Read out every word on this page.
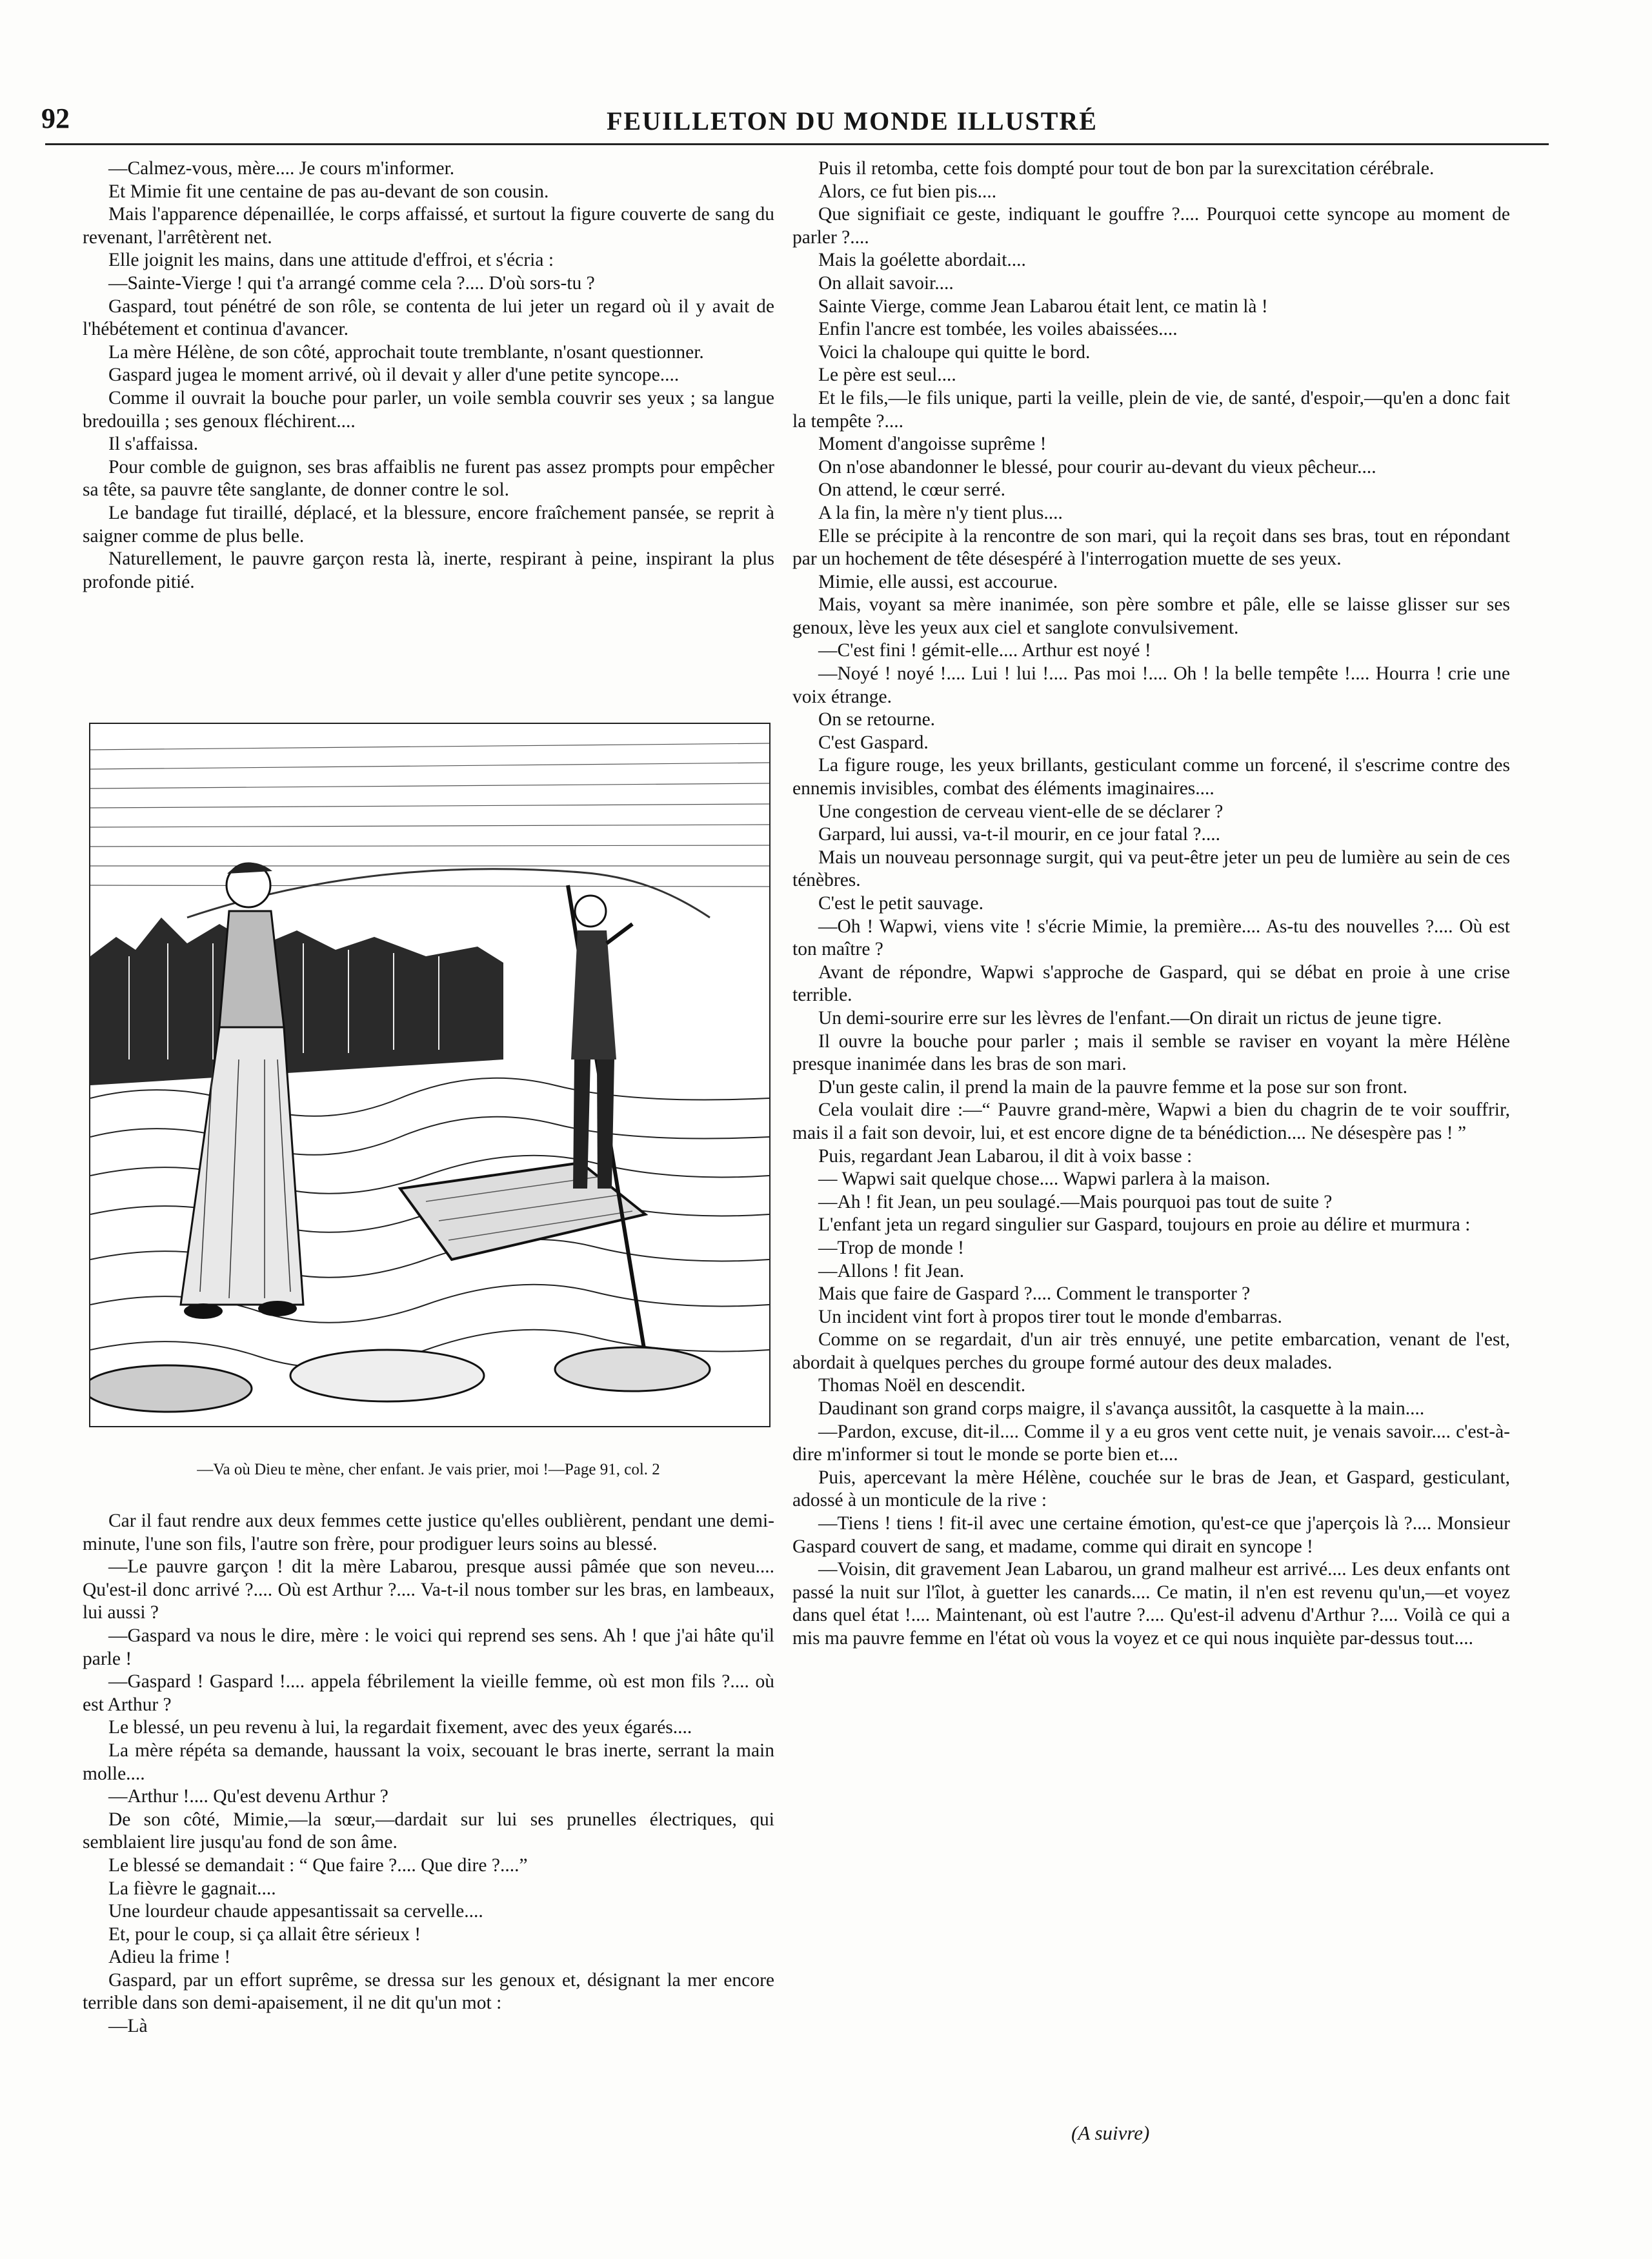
92	FEUILLETON DU MONDE ILLUSTRÉ

—Calmez-vous, mère.... Je cours m'informer.

Et Mimie fit une centaine de pas au-devant de son cousin.

Mais l'apparence dépenaillée, le corps affaissé, et surtout la figure couverte de sang du revenant, l'arrêtèrent net.

Elle joignit les mains, dans une attitude d'effroi, et s'écria :

—Sainte-Vierge ! qui t'a arrangé comme cela ?.... D'où sors-tu ?

Gaspard, tout pénétré de son rôle, se contenta de lui jeter un regard où il y avait de l'hébétement et continua d'avancer.

La mère Hélène, de son côté, approchait toute tremblante, n'osant questionner.

Gaspard jugea le moment arrivé, où il devait y aller d'une petite syncope....

Comme il ouvrait la bouche pour parler, un voile sembla couvrir ses yeux ; sa langue bredouilla ; ses genoux fléchirent....

Il s'affaissa.

Pour comble de guignon, ses bras affaiblis ne furent pas assez prompts pour empêcher sa tête, sa pauvre tête sanglante, de donner contre le sol.

Le bandage fut tiraillé, déplacé, et la blessure, encore fraîchement pansée, se reprit à saigner comme de plus belle.

Naturellement, le pauvre garçon resta là, inerte, respirant à peine, inspirant la plus profonde pitié.

—Va où Dieu te mène, cher enfant. Je vais prier, moi !—Page 91, col. 2

Car il faut rendre aux deux femmes cette justice qu'elles oublièrent, pendant une demi-minute, l'une son fils, l'autre son frère, pour prodiguer leurs soins au blessé.

—Le pauvre garçon ! dit la mère Labarou, presque aussi pâmée que son neveu.... Qu'est-il donc arrivé ?.... Où est Arthur ?.... Va-t-il nous tomber sur les bras, en lambeaux, lui aussi ?

—Gaspard va nous le dire, mère : le voici qui reprend ses sens. Ah ! que j'ai hâte qu'il parle !

—Gaspard ! Gaspard !.... appela fébrilement la vieille femme, où est mon fils ?.... où est Arthur ?

Le blessé, un peu revenu à lui, la regardait fixement, avec des yeux égarés....

La mère répéta sa demande, haussant la voix, secouant le bras inerte, serrant la main molle....

—Arthur !.... Qu'est devenu Arthur ?

De son côté, Mimie,—la sœur,—dardait sur lui ses prunelles électriques, qui semblaient lire jusqu'au fond de son âme.

Le blessé se demandait : “ Que faire ?.... Que dire ?....”

La fièvre le gagnait....

Une lourdeur chaude appesantissait sa cervelle....

Et, pour le coup, si ça allait être sérieux !

Adieu la frime !

Gaspard, par un effort suprême, se dressa sur les genoux et, désignant la mer encore terrible dans son demi-apaisement, il ne dit qu'un mot :

—Là

Puis il retomba, cette fois dompté pour tout de bon par la surexcitation cérébrale.

Alors, ce fut bien pis....

Que signifiait ce geste, indiquant le gouffre ?.... Pourquoi cette syncope au moment de parler ?....

Mais la goélette abordait....

On allait savoir....

Sainte Vierge, comme Jean Labarou était lent, ce matin là !

Enfin l'ancre est tombée, les voiles abaissées....

Voici la chaloupe qui quitte le bord.

Le père est seul....

Et le fils,—le fils unique, parti la veille, plein de vie, de santé, d'espoir,—qu'en a donc fait la tempête ?....

Moment d'angoisse suprême !

On n'ose abandonner le blessé, pour courir au-devant du vieux pêcheur....

On attend, le cœur serré.

A la fin, la mère n'y tient plus....

Elle se précipite à la rencontre de son mari, qui la reçoit dans ses bras, tout en répondant par un hochement de tête désespéré à l'interrogation muette de ses yeux.

Mimie, elle aussi, est accourue.

Mais, voyant sa mère inanimée, son père sombre et pâle, elle se laisse glisser sur ses genoux, lève les yeux aux ciel et sanglote convulsivement.

—C'est fini ! gémit-elle.... Arthur est noyé !

—Noyé ! noyé !.... Lui ! lui !.... Pas moi !.... Oh ! la belle tempête !.... Hourra ! crie une voix étrange.

On se retourne.

C'est Gaspard.

La figure rouge, les yeux brillants, gesticulant comme un forcené, il s'escrime contre des ennemis invisibles, combat des éléments imaginaires....

Une congestion de cerveau vient-elle de se déclarer ?

Garpard, lui aussi, va-t-il mourir, en ce jour fatal ?....

Mais un nouveau personnage surgit, qui va peut-être jeter un peu de lumière au sein de ces ténèbres.

C'est le petit sauvage.

—Oh ! Wapwi, viens vite ! s'écrie Mimie, la première.... As-tu des nouvelles ?.... Où est ton maître ?

Avant de répondre, Wapwi s'approche de Gaspard, qui se débat en proie à une crise terrible.

Un demi-sourire erre sur les lèvres de l'enfant.—On dirait un rictus de jeune tigre.

Il ouvre la bouche pour parler ; mais il semble se raviser en voyant la mère Hélène presque inanimée dans les bras de son mari.

D'un geste calin, il prend la main de la pauvre femme et la pose sur son front.

Cela voulait dire :—“ Pauvre grand-mère, Wapwi a bien du chagrin de te voir souffrir, mais il a fait son devoir, lui, et est encore digne de ta bénédiction.... Ne désespère pas ! ”

Puis, regardant Jean Labarou, il dit à voix basse :

— Wapwi sait quelque chose.... Wapwi parlera à la maison.

—Ah ! fit Jean, un peu soulagé.—Mais pourquoi pas tout de suite ?

L'enfant jeta un regard singulier sur Gaspard, toujours en proie au délire et murmura :

—Trop de monde !

—Allons ! fit Jean.

Mais que faire de Gaspard ?.... Comment le transporter ?

Un incident vint fort à propos tirer tout le monde d'embarras.

Comme on se regardait, d'un air très ennuyé, une petite embarcation, venant de l'est, abordait à quelques perches du groupe formé autour des deux malades.

Thomas Noël en descendit.

Daudinant son grand corps maigre, il s'avança aussitôt, la casquette à la main....

—Pardon, excuse, dit-il.... Comme il y a eu gros vent cette nuit, je venais savoir.... c'est-à-dire m'informer si tout le monde se porte bien et....

Puis, apercevant la mère Hélène, couchée sur le bras de Jean, et Gaspard, gesticulant, adossé à un monticule de la rive :

—Tiens ! tiens ! fit-il avec une certaine émotion, qu'est-ce que j'aperçois là ?.... Monsieur Gaspard couvert de sang, et madame, comme qui dirait en syncope !

—Voisin, dit gravement Jean Labarou, un grand malheur est arrivé.... Les deux enfants ont passé la nuit sur l'îlot, à guetter les canards.... Ce matin, il n'en est revenu qu'un,—et voyez dans quel état !.... Maintenant, où est l'autre ?.... Qu'est-il advenu d'Arthur ?.... Voilà ce qui a mis ma pauvre femme en l'état où vous la voyez et ce qui nous inquiète par-dessus tout....

(A suivre)
